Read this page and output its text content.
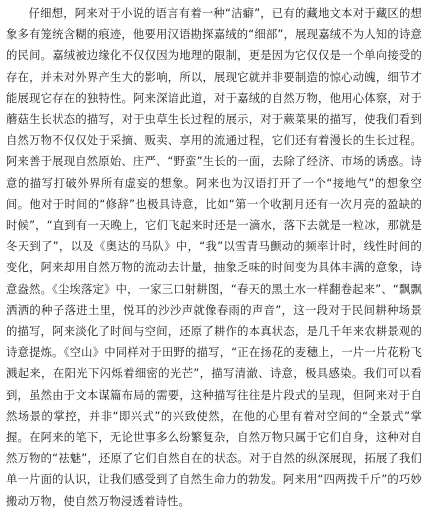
仔细想，阿来对于小说的语言有着一种“洁癖”，已有的藏地文本对于藏区的想象多有笼统含糊的痕迹，他要用汉语勘探嘉绒的“细部”，展现嘉绒不为人知的诗意的民间。嘉绒被边缘化不仅仅因为地理的限制，更是因为它仅仅是一个单向接受的存在，并未对外界产生大的影响，所以，展现它就并非要制造的惊心动魄，细节才能展现它存在的独特性。阿来深谙此道，对于嘉绒的自然万物，他用心体察，对于蘑菇生长状态的描写，对于虫草生长过程的展示，对于蕨菜果的描写，使我们看到自然万物不仅仅处于采摘、贩卖、享用的流通过程，它们还有着漫长的生长过程。阿来善于展现自然原始、庄严、“野蛮”生长的一面，去除了经济、市场的诱惑。诗意的描写打破外界所有虚妄的想象。阿来也为汉语打开了一个“接地气”的想象空间。他对于时间的“修辞”也极具诗意，比如“第一个收割月还有一次月亮的盈缺的时候”，“直到有一天晚上，它们飞起来时还是一滴水，落下去就是一粒冰，那就是冬天到了”，以及《奥达的马队》中，“我”以雪青马颤动的频率计时，线性时间的变化，阿来却用自然万物的流动去计量，抽象乏味的时间变为具体丰满的意象，诗意盎然。《尘埃落定》中，一家三口射耕图，“春天的黑土水一样翻卷起来”、“飘飘洒洒的种子落进土里，悦耳的沙沙声就像春雨的声音”，这一段对于民间耕种场景的描写，阿来淡化了时间与空间，还原了耕作的本真状态，是几千年来农耕景观的诗意提炼。《空山》中同样对于田野的描写，“正在扬花的麦穗上，一片一片花粉飞溅起来，在阳光下闪烁着细密的光芒”，描写清澈、诗意，极具感染。我们可以看到，虽然由于文本谋篇布局的需要，这种描写往往是片段式的呈现，但阿来对于自然场景的掌控，并非“即兴式”的兴致使然，在他的心里有着对空间的“全景式”掌握。在阿来的笔下，无论世事多么纷繁复杂，自然万物只属于它们自身，这种对自然万物的“祛魅”，还原了它们自然自在的状态。对于自然的纵深展现，拓展了我们单一片面的认识，让我们感受到了自然生命力的勃发。阿来用“四两拨千斤”的巧妙搬动万物，使自然万物浸透着诗性。
